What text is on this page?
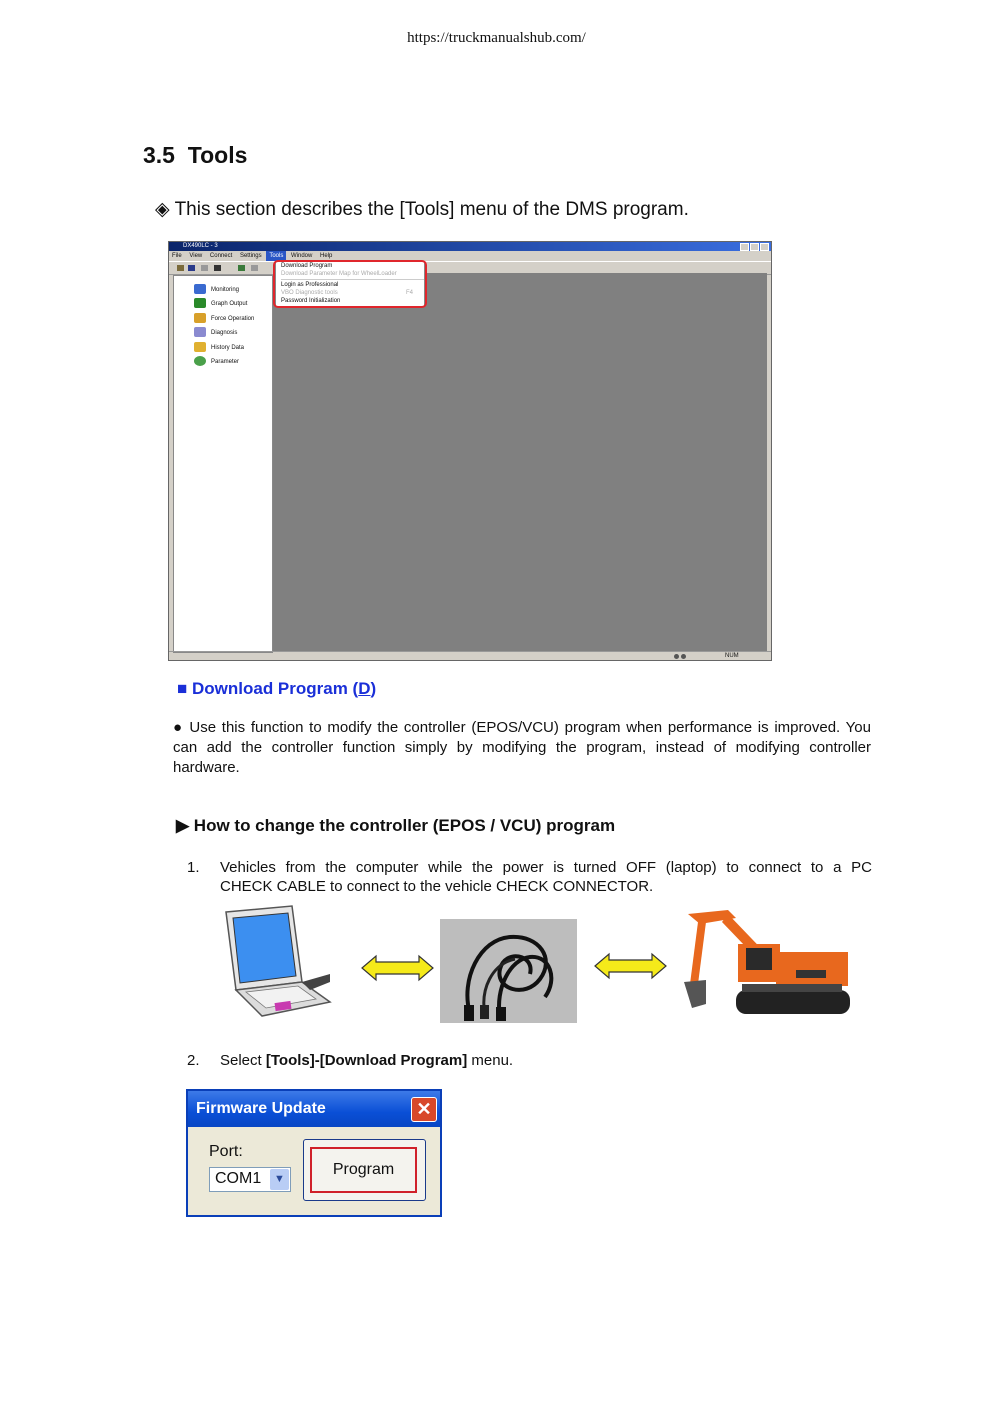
https://truckmanualshub.com/
3.5  Tools
◈ This section describes the [Tools] menu of the DMS program.
DX490LC - 3
File View Connect Settings Tools Window Help
Monitoring
Graph Output
Force Operation
Diagnosis
History Data
Parameter
Download Program
Download Parameter Map for WheelLoader
Login as Professional
VBO Diagnostic tools	F4
Password Initialization
NUM
■ Download Program (D)
● Use this function to modify the controller (EPOS/VCU) program when performance is improved. You can add the controller function simply by modifying the program, instead of modifying controller hardware.
▶ How to change the controller (EPOS / VCU) program
1. Vehicles from the computer while the power is turned OFF (laptop) to connect to a PC
CHECK CABLE to connect to the vehicle CHECK CONNECTOR.
2. Select [Tools]-[Download Program] menu.
Firmware Update	✕
Port:
COM1	▼
Program
